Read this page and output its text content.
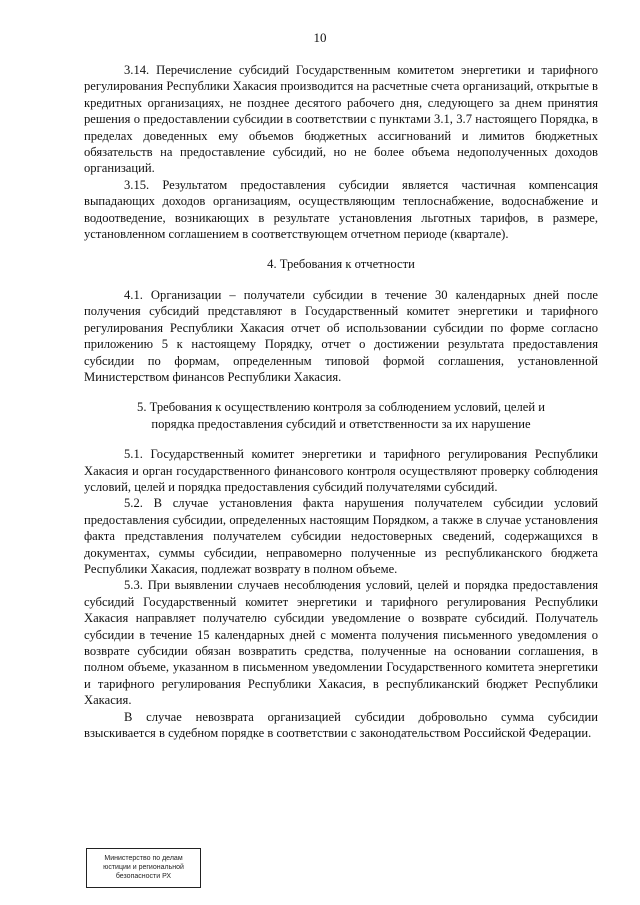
10

3.14. Перечисление субсидий Государственным комитетом энергетики и тарифного регулирования Республики Хакасия производится на расчетные счета организаций, открытые в кредитных организациях, не позднее десятого рабочего дня, следующего за днем принятия решения о предоставлении субсидии в соответствии с пунктами 3.1, 3.7 настоящего Порядка, в пределах доведенных ему объемов бюджетных ассигнований и лимитов бюджетных обязательств на предоставление субсидий, но не более объема недополученных доходов организаций.

3.15. Результатом предоставления субсидии является частичная компенсация выпадающих доходов организациям, осуществляющим теплоснабжение, водоснабжение и водоотведение, возникающих в результате установления льготных тарифов, в размере, установленном соглашением в соответствующем отчетном периоде (квартале).

4. Требования к отчетности

4.1. Организации – получатели субсидии в течение 30 календарных дней после получения субсидий представляют в Государственный комитет энергетики и тарифного регулирования Республики Хакасия отчет об использовании субсидии по форме согласно приложению 5 к настоящему Порядку, отчет о достижении результата предоставления субсидии по формам, определенным типовой формой соглашения, установленной Министерством финансов Республики Хакасия.

5. Требования к осуществлению контроля за соблюдением условий, целей и
порядка предоставления субсидий и ответственности за их нарушение

5.1. Государственный комитет энергетики и тарифного регулирования Республики Хакасия и орган государственного финансового контроля осуществляют проверку соблюдения условий, целей и порядка предоставления субсидий получателями субсидий.

5.2. В случае установления факта нарушения получателем субсидии условий предоставления субсидии, определенных настоящим Порядком, а также в случае установления факта представления получателем субсидии недостоверных сведений, содержащихся в документах, суммы субсидии, неправомерно полученные из республиканского бюджета Республики Хакасия, подлежат возврату в полном объеме.

5.3. При выявлении случаев несоблюдения условий, целей и порядка предоставления субсидий Государственный комитет энергетики и тарифного регулирования Республики Хакасия направляет получателю субсидии уведомление о возврате субсидий. Получатель субсидии в течение 15 календарных дней с момента получения письменного уведомления о возврате субсидии обязан возвратить средства, полученные на основании соглашения, в полном объеме, указанном в письменном уведомлении Государственного комитета энергетики и тарифного регулирования Республики Хакасия, в республиканский бюджет Республики Хакасия.

В случае невозврата организацией субсидии добровольно сумма субсидии взыскивается в судебном порядке в соответствии с законодательством Российской Федерации.

Министерство по делам
юстиции и региональной
безопасности РХ
